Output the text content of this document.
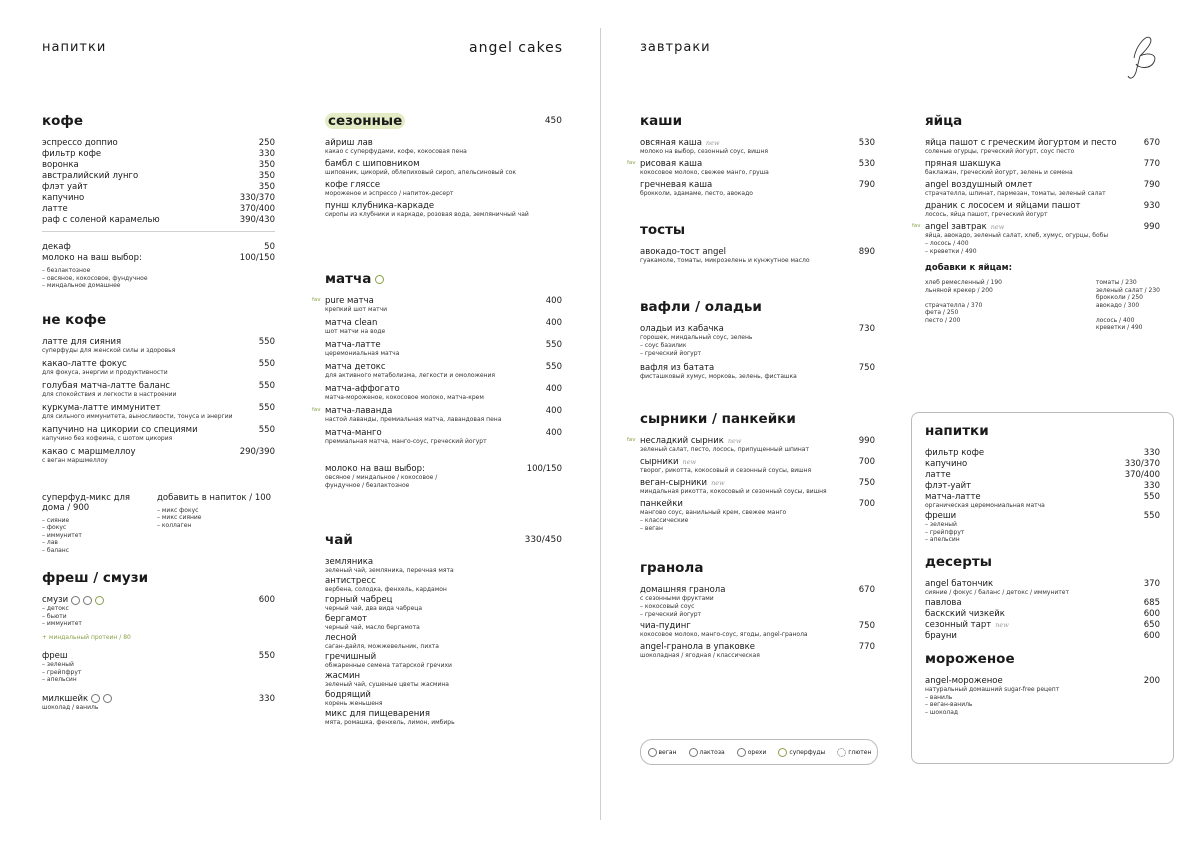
напитки	angel cakes	завтраки
кофе
эспрессо доппио	250
фильтр кофе	330
воронка	350
австралийский лунго	350
флэт уайт	350
капучино	330/370
латте	370/400
раф с соленой карамелью	390/430
декаф	50
молоко на ваш выбор:	100/150
– безлактозное
– овсяное, кокосовое, фундучное
– миндальное домашнее
не кофе
латте для сияния	550
суперфуды для женской силы и здоровья
какао-латте фокус	550
для фокуса, энергии и продуктивности
голубая матча-латте баланс	550
для спокойствия и легкости в настроении
куркума-латте иммунитет	550
для сильного иммунитета, выносливости, тонуса и энергии
капучино на цикории со специями	550
капучино без кофеина, с шотом цикория
какао с маршмеллоу	290/390
с веган маршмеллоу
суперфуд-микс для дома / 900
– сияние
– фокус
– иммунитет
– лав
– баланс
добавить в напиток / 100
– микс фокус
– микс сияние
– коллаген
фреш / смузи
смузи	600
– детокс
– бьюти
– иммунитет
+ миндальный протеин / 80
фреш	550
– зеленый
– грейпфрут
– апельсин
милкшейк	330
шоколад / ваниль
сезонные	450
айриш лав
какао с суперфудами, кофе, кокосовая пена
бамбл с шиповником
шиповник, цикорий, облепиховый сироп, апельсиновый сок
кофе гляссе
мороженое и эспрессо / напиток-десерт
пунш клубника-каркаде
сиропы из клубники и каркаде, розовая вода, земляничный чай
матча
fav pure матча	400
крепкий шот матчи
матча clean	400
шот матчи на воде
матча-латте	550
церемониальная матча
матча детокс	550
для активного метаболизма, легкости и омоложения
матча-аффогато	400
матча-мороженое, кокосовое молоко, матча-крем
fav матча-лаванда	400
настой лаванды, премиальная матча, лавандовая пена
матча-манго	400
премиальная матча, манго-соус, греческий йогурт
молоко на ваш выбор:	100/150
овсяное / миндальное / кокосовое / фундучное / безлактозное
чай	330/450
земляника
зеленый чай, земляника, перечная мята
антистресс
вербена, солодка, фенхель, кардамон
горный чабрец
черный чай, два вида чабреца
бергамот
черный чай, масло бергамота
лесной
саган-дайля, можжевельник, пихта
гречишный
обжаренные семена татарской гречихи
жасмин
зеленый чай, сушеные цветы жасмина
бодрящий
корень женьшеня
микс для пищеварения
мята, ромашка, фенхель, лимон, имбирь
каши
овсяная каша new	530
молоко на выбор, сезонный соус, вишня
fav рисовая каша	530
кокосовое молоко, свежее манго, груша
гречневая каша	790
брокколи, эдамаме, песто, авокадо
тосты
авокадо-тост angel	890
гуакамоле, томаты, микрозелень и кунжутное масло
вафли / оладьи
оладьи из кабачка	730
горошек, миндальный соус, зелень
– соус базилик
– греческий йогурт
вафля из батата	750
фисташковый хумус, морковь, зелень, фисташка
сырники / панкейки
fav несладкий сырник new	990
зеленый салат, песто, лосось, припущенный шпинат
сырники new	700
творог, рикотта, кокосовый и сезонный соусы, вишня
веган-сырники new	750
миндальная рикотта, кокосовый и сезонный соусы, вишня
панкейки	700
мангово соус, ванильный крем, свежее манго
– классические
– веган
гранола
домашняя гранола	670
с сезонными фруктами
– кокосовый соус
– греческий йогурт
чиа-пудинг	750
кокосовое молоко, манго-соус, ягоды, angel-гранола
angel-гранола в упаковке	770
шоколадная / ягодная / классическая
веган	лактоза	орехи	суперфуды	глютен
яйца
яйца пашот с греческим йогуртом и песто	670
соленые огурцы, греческий йогурт, соус песто
пряная шакшука	770
баклажан, греческий йогурт, зелень и семена
angel воздушный омлет	790
страчателла, шпинат, пармезан, томаты, зеленый салат
драник с лососем и яйцами пашот	930
лосось, яйца пашот, греческий йогурт
fav angel завтрак new	990
яйца, авокадо, зеленый салат, хлеб, хумус, огурцы, бобы
– лосось / 400
– креветки / 490
добавки к яйцам:
хлеб ремесленный / 190
льняной крекер / 200

страчателла / 370
фета / 250
песто / 200
томаты / 230
зеленый салат / 230
брокколи / 250
авокадо / 300

лосось / 400
креветки / 490
напитки
фильтр кофе	330
капучино	330/370
латте	370/400
флэт-уайт	330
матча-латте	550
органическая церемониальная матча
фреши	550
– зеленый
– грейпфрут
– апельсин
десерты
angel батончик	370
сияние / фокус / баланс / детокс / иммунитет
павлова	685
баскский чизкейк	600
сезонный тарт new	650
брауни	600
мороженое
angel-мороженое	200
натуральный домашний sugar-free рецепт
– ваниль
– веган-ваниль
– шоколад
